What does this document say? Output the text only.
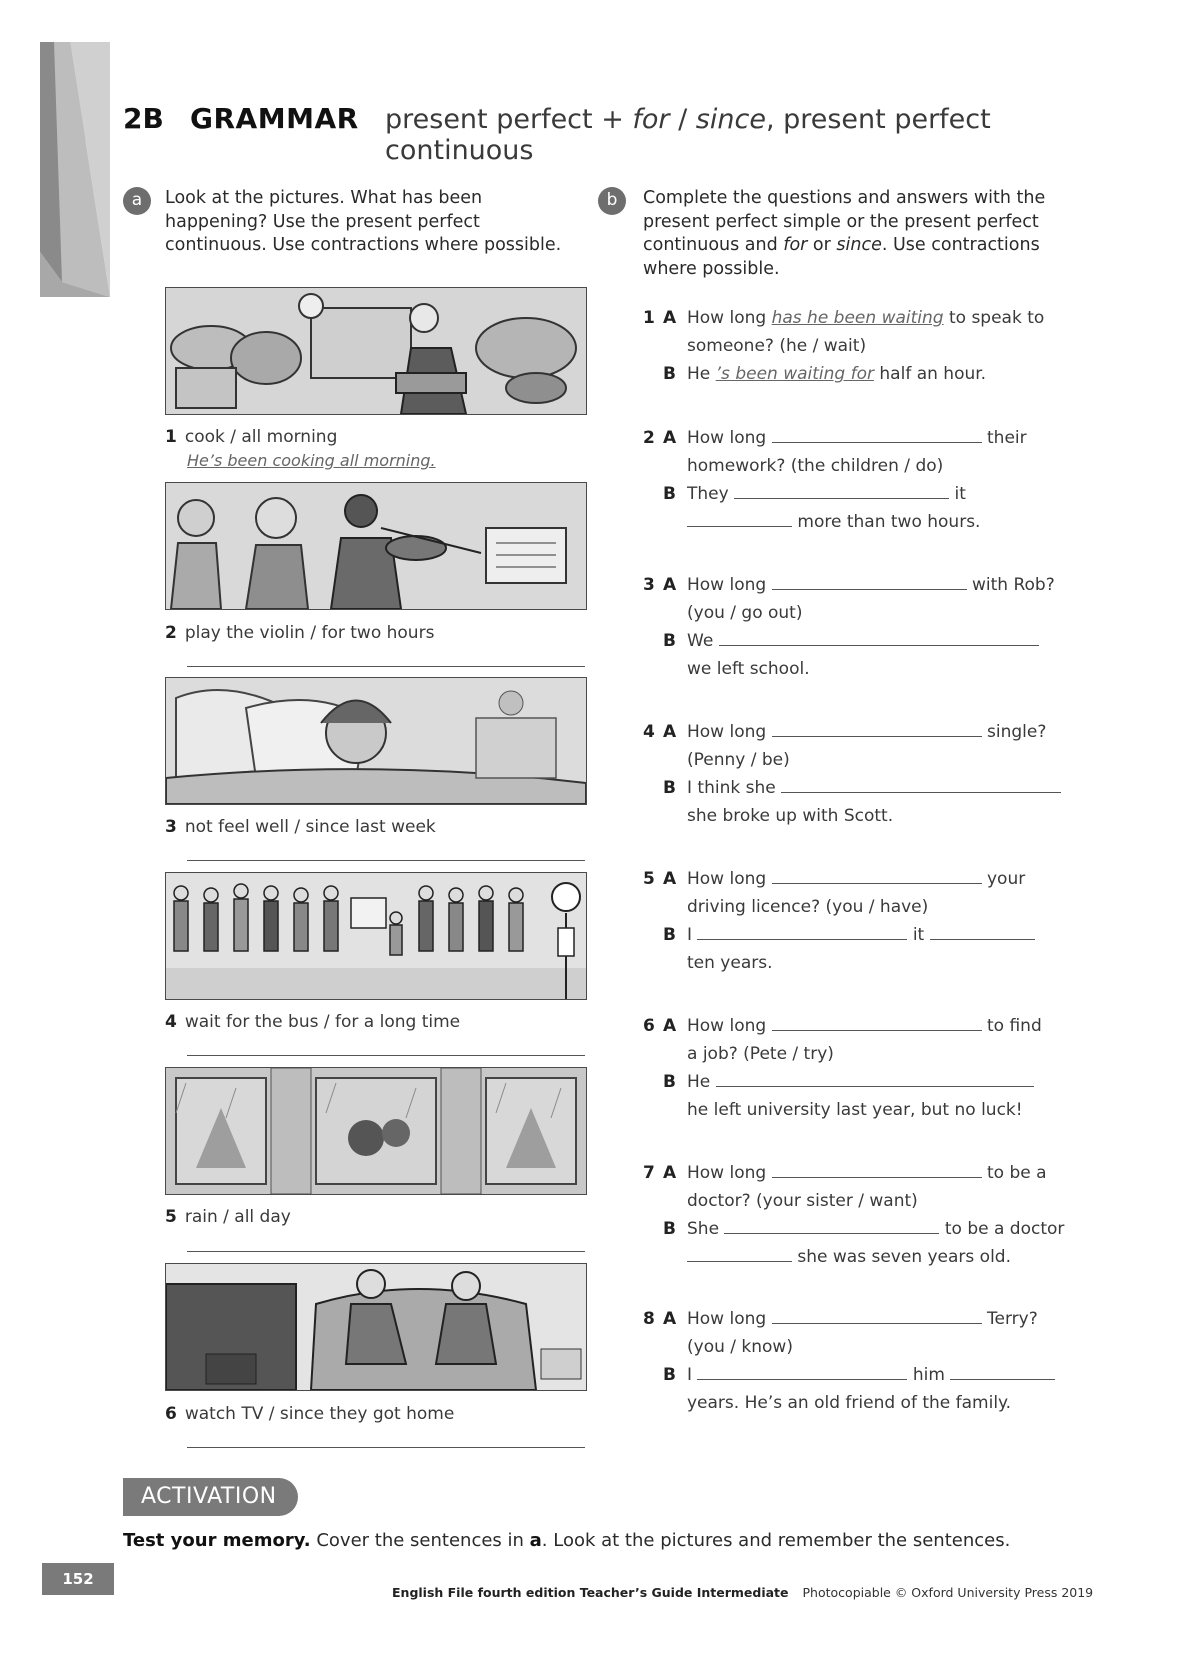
2B GRAMMAR present perfect + for / since, present perfect continuous
a	Look at the pictures. What has been happening? Use the present perfect continuous. Use contractions where possible.
b	Complete the questions and answers with the present perfect simple or the present perfect continuous and for or since. Use contractions where possible.
1 cook / all morning
He’s been cooking all morning.
2 play the violin / for two hours
3 not feel well / since last week
4 wait for the bus / for a long time
5 rain / all day
6 watch TV / since they got home
1 A How long has he been waiting to speak to
someone? (he / wait)
B He ’s been waiting for half an hour.
2 A How long	their
homework? (the children / do)
B They	it
more than two hours.
3 A How long	with Rob?
(you / go out)
B We
we left school.
4 A How long	single?
(Penny / be)
B I think she
she broke up with Scott.
5 A How long	your
driving licence? (you / have)
B I	it
ten years.
6 A How long	to find
a job? (Pete / try)
B He
he left university last year, but no luck!
7 A How long	to be a
doctor? (your sister / want)
B She	to be a doctor
she was seven years old.
8 A How long	Terry?
(you / know)
B I	him
years. He’s an old friend of the family.
ACTIVATION
Test your memory. Cover the sentences in a. Look at the pictures and remember the sentences.
152
English File fourth edition Teacher’s Guide Intermediate Photocopiable © Oxford University Press 2019
